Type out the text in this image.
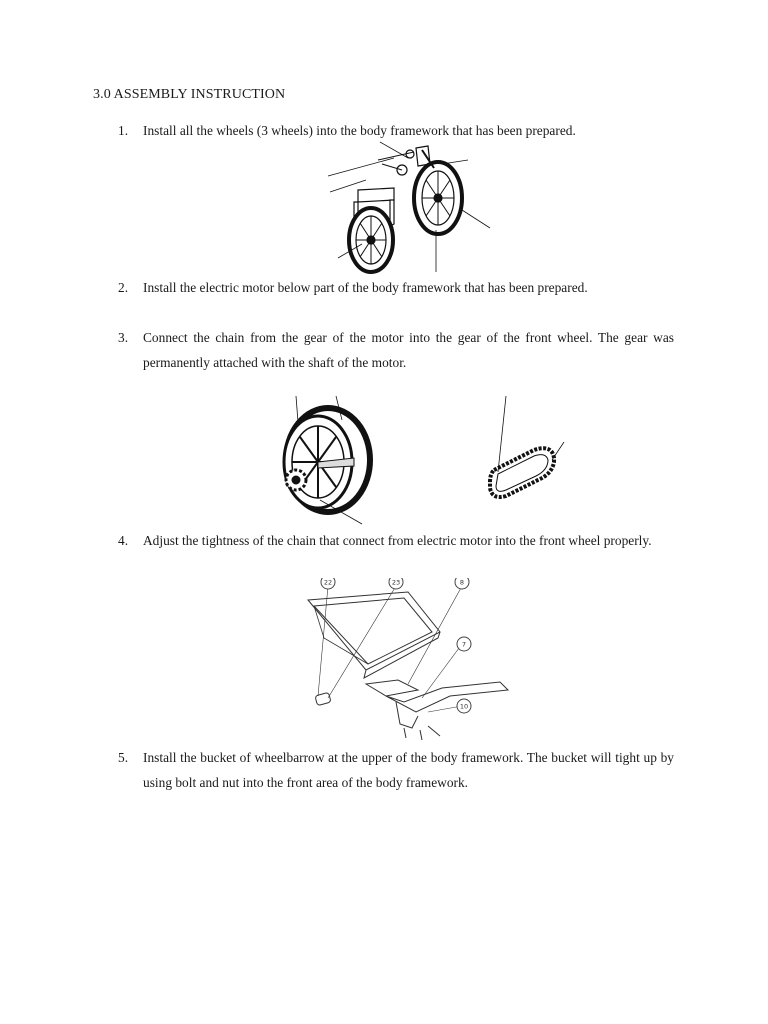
3.0 ASSEMBLY INSTRUCTION
1. Install all the wheels (3 wheels) into the body framework that has been prepared.
2. Install the electric motor below part of the body framework that has been prepared.
3. Connect the chain from the gear of the motor into the gear of the front wheel. The gear was permanently attached with the shaft of the motor.
4. Adjust the tightness of the chain that connect from electric motor into the front wheel properly.
22	23	8
7
10
5. Install the bucket of wheelbarrow at the upper of the body framework. The bucket will tight up by using bolt and nut into the front area of the body framework.
